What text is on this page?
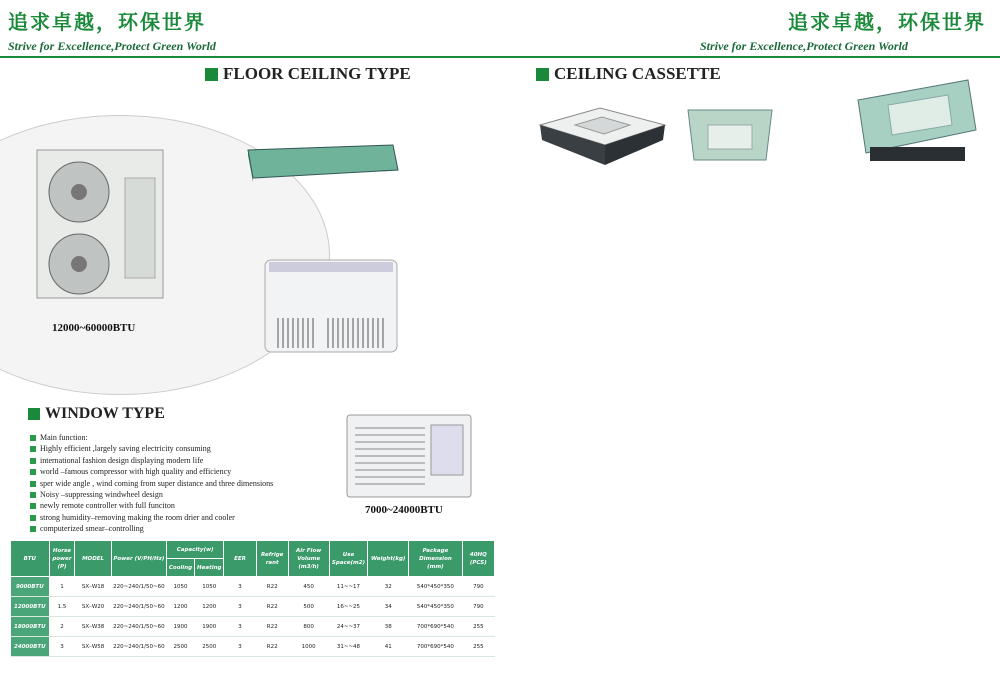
追求卓越，环保世界
Strive for Excellence,Protect Green World
FLOOR CEILING TYPE
12000~60000BTU
WINDOW TYPE
Main function:
Highly efficient ,largely saving electricity consuming
international fashion design displaying modern life
world –famous compressor with high quality and efficiency
sper wide angle , wind coming from super distance and three dimensions
Noisy –suppressing windwheel design
newly remote controller with full funciton
strong humidity–removing making the room drier and cooler
computerized smear–controlling
7000~24000BTU
BTU	Horse power (P)	MODEL	Power (V/PH/Hz)	Capacity(w)		EER	Refrige rant	Air Flow Volume (m3/h)	Use Space(m2)	Weight(kg)	Package Dimension (mm)	40HQ (PCS)
				Cooling	Heating							
9000BTU	1	SX–W18	220~240/1/50~60	1050	1050	3	R22	450	11~~17	32	540*450*350	790
12000BTU	1.5	SX–W20	220~240/1/50~60	1200	1200	3	R22	500	16~~25	34	540*450*350	790
18000BTU	2	SX–W38	220~240/1/50~60	1900	1900	3	R22	800	24~~37	38	700*690*540	255
24000BTU	3	SX–W58	220~240/1/50~60	2500	2500	3	R22	1000	31~~48	41	700*690*540	255
追求卓越，环保世界
Strive for Excellence,Protect Green World
CEILING CASSETTE
